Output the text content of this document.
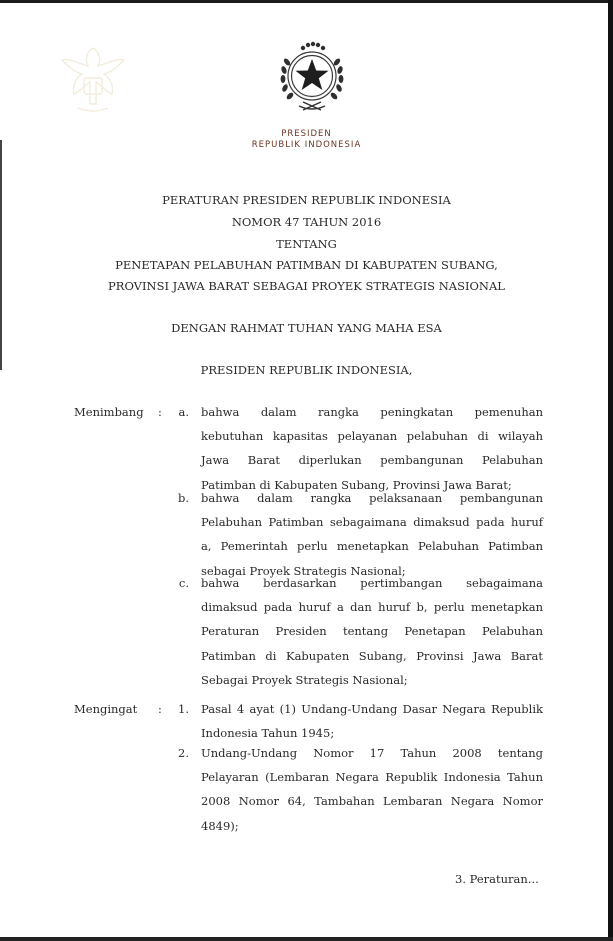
PRESIDEN
REPUBLIK INDONESIA
PERATURAN PRESIDEN REPUBLIK INDONESIA
NOMOR 47 TAHUN 2016
TENTANG
PENETAPAN PELABUHAN PATIMBAN DI KABUPATEN SUBANG,
PROVINSI JAWA BARAT SEBAGAI PROYEK STRATEGIS NASIONAL
DENGAN RAHMAT TUHAN YANG MAHA ESA
PRESIDEN REPUBLIK INDONESIA,
Menimbang :	a. bahwa dalam rangka peningkatan pemenuhan
kebutuhan kapasitas pelayanan pelabuhan di wilayah
Jawa Barat diperlukan pembangunan Pelabuhan
Patimban di Kabupaten Subang, Provinsi Jawa Barat;
b. bahwa dalam rangka pelaksanaan pembangunan
Pelabuhan Patimban sebagaimana dimaksud pada huruf
a, Pemerintah perlu menetapkan Pelabuhan Patimban
sebagai Proyek Strategis Nasional;
c. bahwa berdasarkan pertimbangan sebagaimana
dimaksud pada huruf a dan huruf b, perlu menetapkan
Peraturan Presiden tentang Penetapan Pelabuhan
Patimban di Kabupaten Subang, Provinsi Jawa Barat
Sebagai Proyek Strategis Nasional;
Mengingat :	1. Pasal 4 ayat (1) Undang-Undang Dasar Negara Republik
Indonesia Tahun 1945;
2. Undang-Undang Nomor 17 Tahun 2008 tentang
Pelayaran (Lembaran Negara Republik Indonesia Tahun
2008 Nomor 64, Tambahan Lembaran Negara Nomor
4849);
3. Peraturan...
